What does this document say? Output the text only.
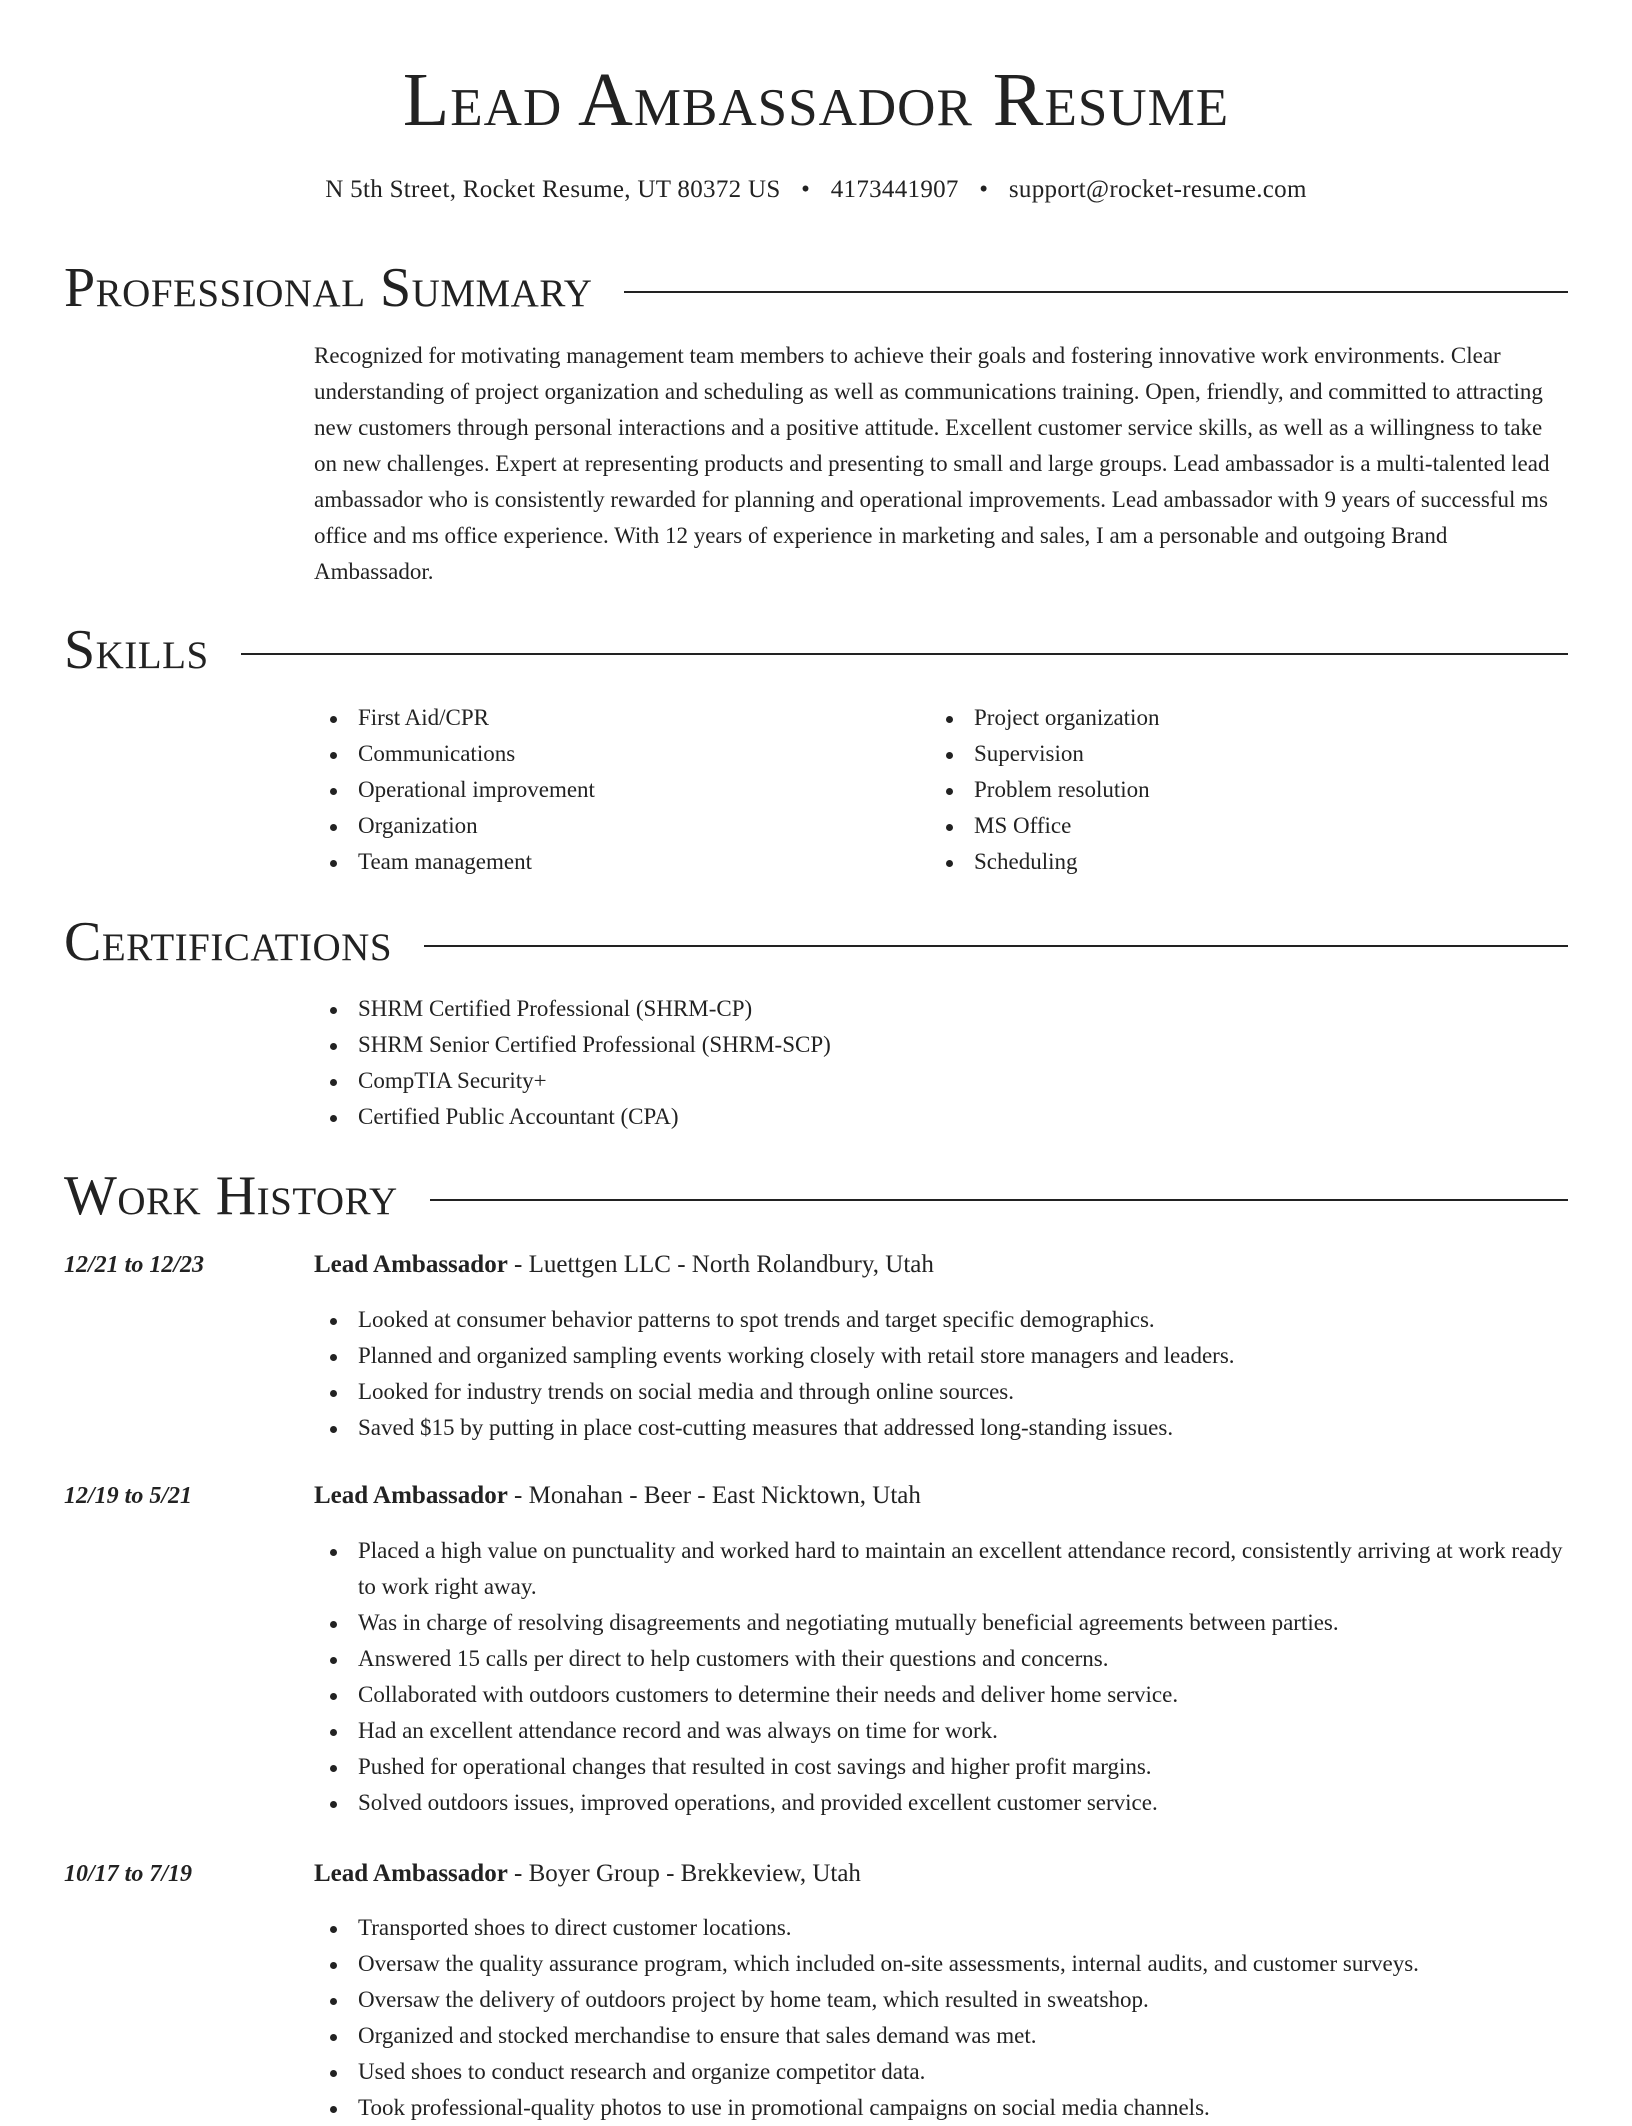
Lead Ambassador Resume
N 5th Street, Rocket Resume, UT 80372 US • 4173441907 • support@rocket-resume.com
Professional Summary

Recognized for motivating management team members to achieve their goals and fostering innovative work environments. Clear understanding of project organization and scheduling as well as communications training. Open, friendly, and committed to attracting new customers through personal interactions and a positive attitude. Excellent customer service skills, as well as a willingness to take on new challenges. Expert at representing products and presenting to small and large groups. Lead ambassador is a multi-talented lead ambassador who is consistently rewarded for planning and operational improvements. Lead ambassador with 9 years of successful ms office and ms office experience. With 12 years of experience in marketing and sales, I am a personable and outgoing Brand Ambassador.

Skills
First Aid/CPR
Communications
Operational improvement
Organization
Team management
Project organization
Supervision
Problem resolution
MS Office
Scheduling
Certifications
SHRM Certified Professional (SHRM-CP)
SHRM Senior Certified Professional (SHRM-SCP)
CompTIA Security+
Certified Public Accountant (CPA)
Work History
12/21 to 12/23	Lead Ambassador - Luettgen LLC - North Rolandbury, Utah
Looked at consumer behavior patterns to spot trends and target specific demographics.
Planned and organized sampling events working closely with retail store managers and leaders.
Looked for industry trends on social media and through online sources.
Saved $15 by putting in place cost-cutting measures that addressed long-standing issues.
12/19 to 5/21	Lead Ambassador - Monahan - Beer - East Nicktown, Utah
Placed a high value on punctuality and worked hard to maintain an excellent attendance record, consistently arriving at work ready to work right away.
Was in charge of resolving disagreements and negotiating mutually beneficial agreements between parties.
Answered 15 calls per direct to help customers with their questions and concerns.
Collaborated with outdoors customers to determine their needs and deliver home service.
Had an excellent attendance record and was always on time for work.
Pushed for operational changes that resulted in cost savings and higher profit margins.
Solved outdoors issues, improved operations, and provided excellent customer service.
10/17 to 7/19	Lead Ambassador - Boyer Group - Brekkeview, Utah
Transported shoes to direct customer locations.
Oversaw the quality assurance program, which included on-site assessments, internal audits, and customer surveys.
Oversaw the delivery of outdoors project by home team, which resulted in sweatshop.
Organized and stocked merchandise to ensure that sales demand was met.
Used shoes to conduct research and organize competitor data.
Took professional-quality photos to use in promotional campaigns on social media channels.
